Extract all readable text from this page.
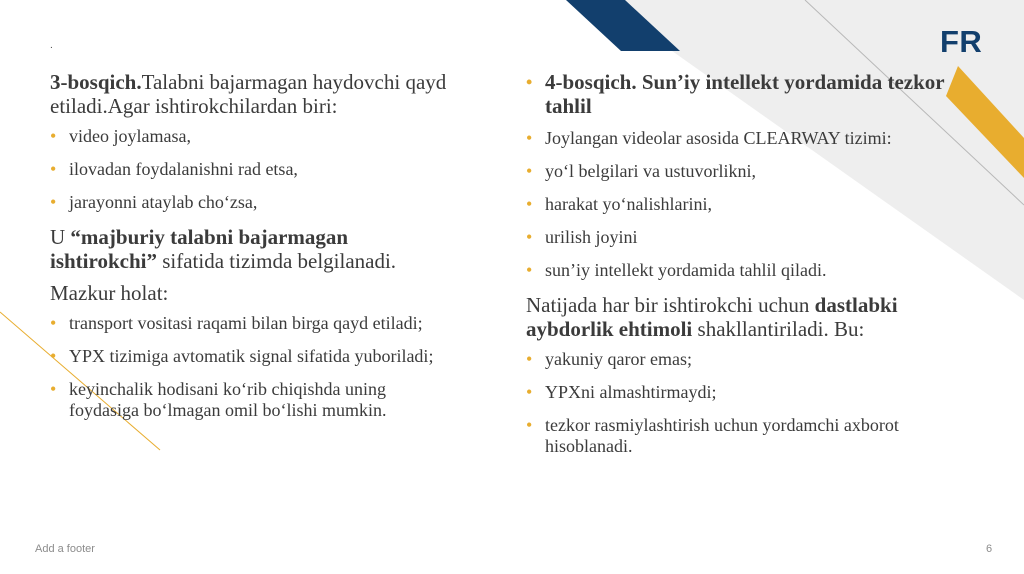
.	FR

3-bosqich.Talabni bajarmagan haydovchi qayd etiladi.Agar ishtirokchilardan biri:

• video joylamasa,
• ilovadan foydalanishni rad etsa,
• jarayonni ataylab cho‘zsa,

U “majburiy talabni bajarmagan ishtirokchi” sifatida tizimda belgilanadi.

Mazkur holat:

• transport vositasi raqami bilan birga qayd etiladi;
• YPX tizimiga avtomatik signal sifatida yuboriladi;
• keyinchalik hodisani ko‘rib chiqishda uning foydasiga bo‘lmagan omil bo‘lishi mumkin.
• 4-bosqich. Sun’iy intellekt yordamida tezkor tahlil
• Joylangan videolar asosida CLEARWAY tizimi:
• yo‘l belgilari va ustuvorlikni,
• harakat yo‘nalishlarini,
• urilish joyini
• sun’iy intellekt yordamida tahlil qiladi.

Natijada har bir ishtirokchi uchun dastlabki aybdorlik ehtimoli shakllantiriladi. Bu:

• yakuniy qaror emas;
• YPXni almashtirmaydi;
• tezkor rasmiylashtirish uchun yordamchi axborot hisoblanadi.
Add a footer	6
